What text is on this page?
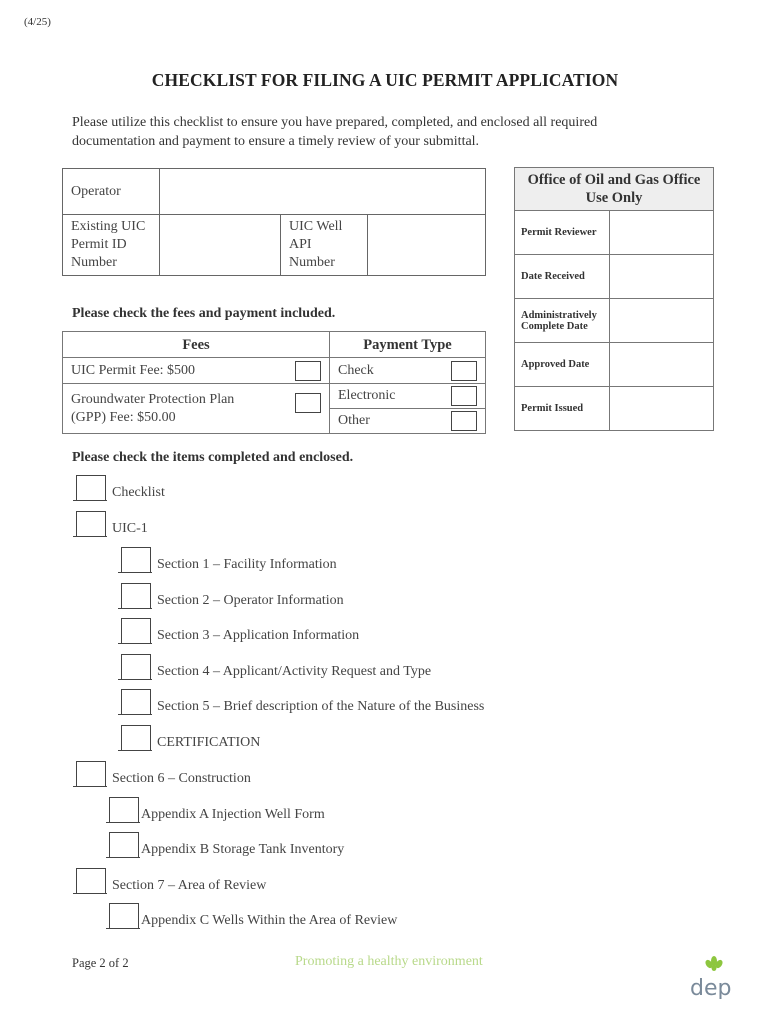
(4/25)
CHECKLIST FOR FILING A UIC PERMIT APPLICATION
Please utilize this checklist to ensure you have prepared, completed, and enclosed all required documentation and payment to ensure a timely review of your submittal.
Operator			
Existing UIC Permit ID Number		UIC Well API Number	
Office of Oil and Gas Office Use Only	
Permit Reviewer	
Date Received	
Administratively Complete Date	
Approved Date	
Permit Issued	
Please check the fees and payment included.
Fees	Payment Type

UIC Permit Fee: $500	Check

Groundwater Protection Plan (GPP) Fee: $50.00	Electronic

	Other
Please check the items completed and enclosed.
Checklist
UIC-1
Section 1 – Facility Information
Section 2 – Operator Information
Section 3 – Application Information
Section 4 – Applicant/Activity Request and Type
Section 5 – Brief description of the Nature of the Business
CERTIFICATION
Section 6 – Construction
Appendix A Injection Well Form
Appendix B Storage Tank Inventory
Section 7 – Area of Review
Appendix C Wells Within the Area of Review
Page 2 of 2	Promoting a healthy environment
dep
